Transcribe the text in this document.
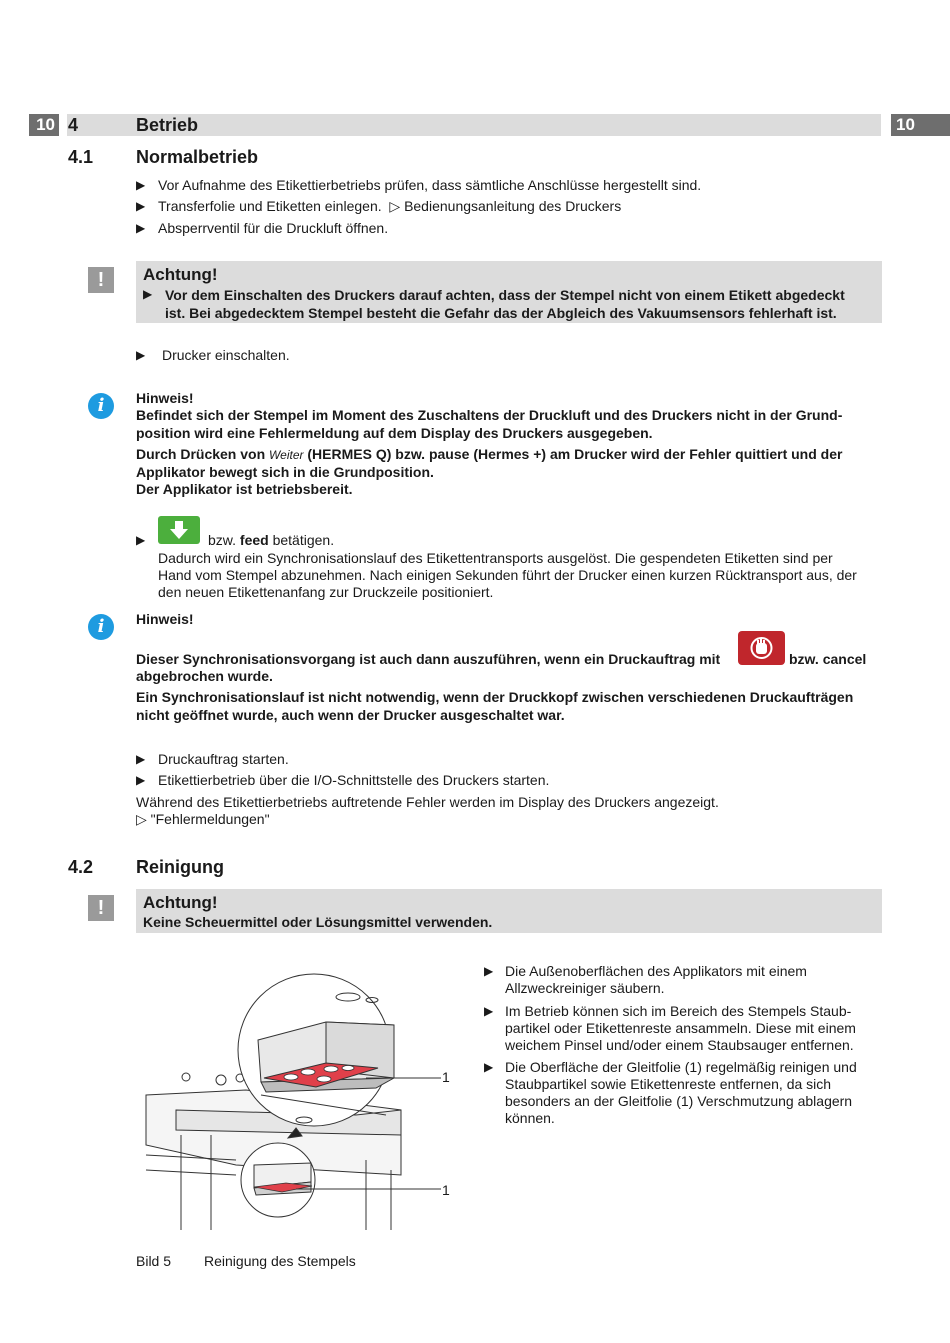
10 4	Betrieb	10
4.1 Normalbetrieb
▶ Vor Aufnahme des Etikettierbetriebs prüfen, dass sämtliche Anschlüsse hergestellt sind.
▶ Transferfolie und Etiketten einlegen. ▷ Bedienungsanleitung des Druckers
▶ Absperrventil für die Druckluft öffnen.
!	Achtung!
▶ Vor dem Einschalten des Druckers darauf achten, dass der Stempel nicht von einem Etikett abgedeckt
ist. Bei abgedecktem Stempel besteht die Gefahr das der Abgleich des Vakuumsensors fehlerhaft ist.
▶ Drucker einschalten.
i	Hinweis!
Befindet sich der Stempel im Moment des Zuschaltens der Druckluft und des Druckers nicht in der Grund-
position wird eine Fehlermeldung auf dem Display des Druckers ausgegeben.
Durch Drücken von Weiter (HERMES Q) bzw. pause (Hermes +) am Drucker wird der Fehler quittiert und der
Applikator bewegt sich in die Grundposition.
Der Applikator ist betriebsbereit.
▶	bzw. feed betätigen.
Dadurch wird ein Synchronisationslauf des Etikettentransports ausgelöst. Die gespendeten Etiketten sind per
Hand vom Stempel abzunehmen. Nach einigen Sekunden führt der Drucker einen kurzen Rücktransport aus, der
den neuen Etikettenanfang zur Druckzeile positioniert.
i	Hinweis!
Dieser Synchronisationsvorgang ist auch dann auszuführen, wenn ein Druckauftrag mit	bzw. cancel
abgebrochen wurde.
Ein Synchronisationslauf ist nicht notwendig, wenn der Druckkopf zwischen verschiedenen Druckaufträgen
nicht geöffnet wurde, auch wenn der Drucker ausgeschaltet war.
▶ Druckauftrag starten.
▶ Etikettierbetrieb über die I/O-Schnittstelle des Druckers starten.
Während des Etikettierbetriebs auftretende Fehler werden im Display des Druckers angezeigt.
▷ "Fehlermeldungen"
4.2 Reinigung
!	Achtung!
Keine Scheuermittel oder Lösungsmittel verwenden.
1
1
Bild 5 Reinigung des Stempels
▶ Die Außenoberflächen des Applikators mit einem
Allzweckreiniger säubern.
▶ Im Betrieb können sich im Bereich des Stempels Staub-
partikel oder Etikettenreste ansammeln. Diese mit einem
weichem Pinsel und/oder einem Staubsauger entfernen.
▶ Die Oberfläche der Gleitfolie (1) regelmäßig reinigen und
Staubpartikel sowie Etikettenreste entfernen, da sich
besonders an der Gleitfolie (1) Verschmutzung ablagern
können.
